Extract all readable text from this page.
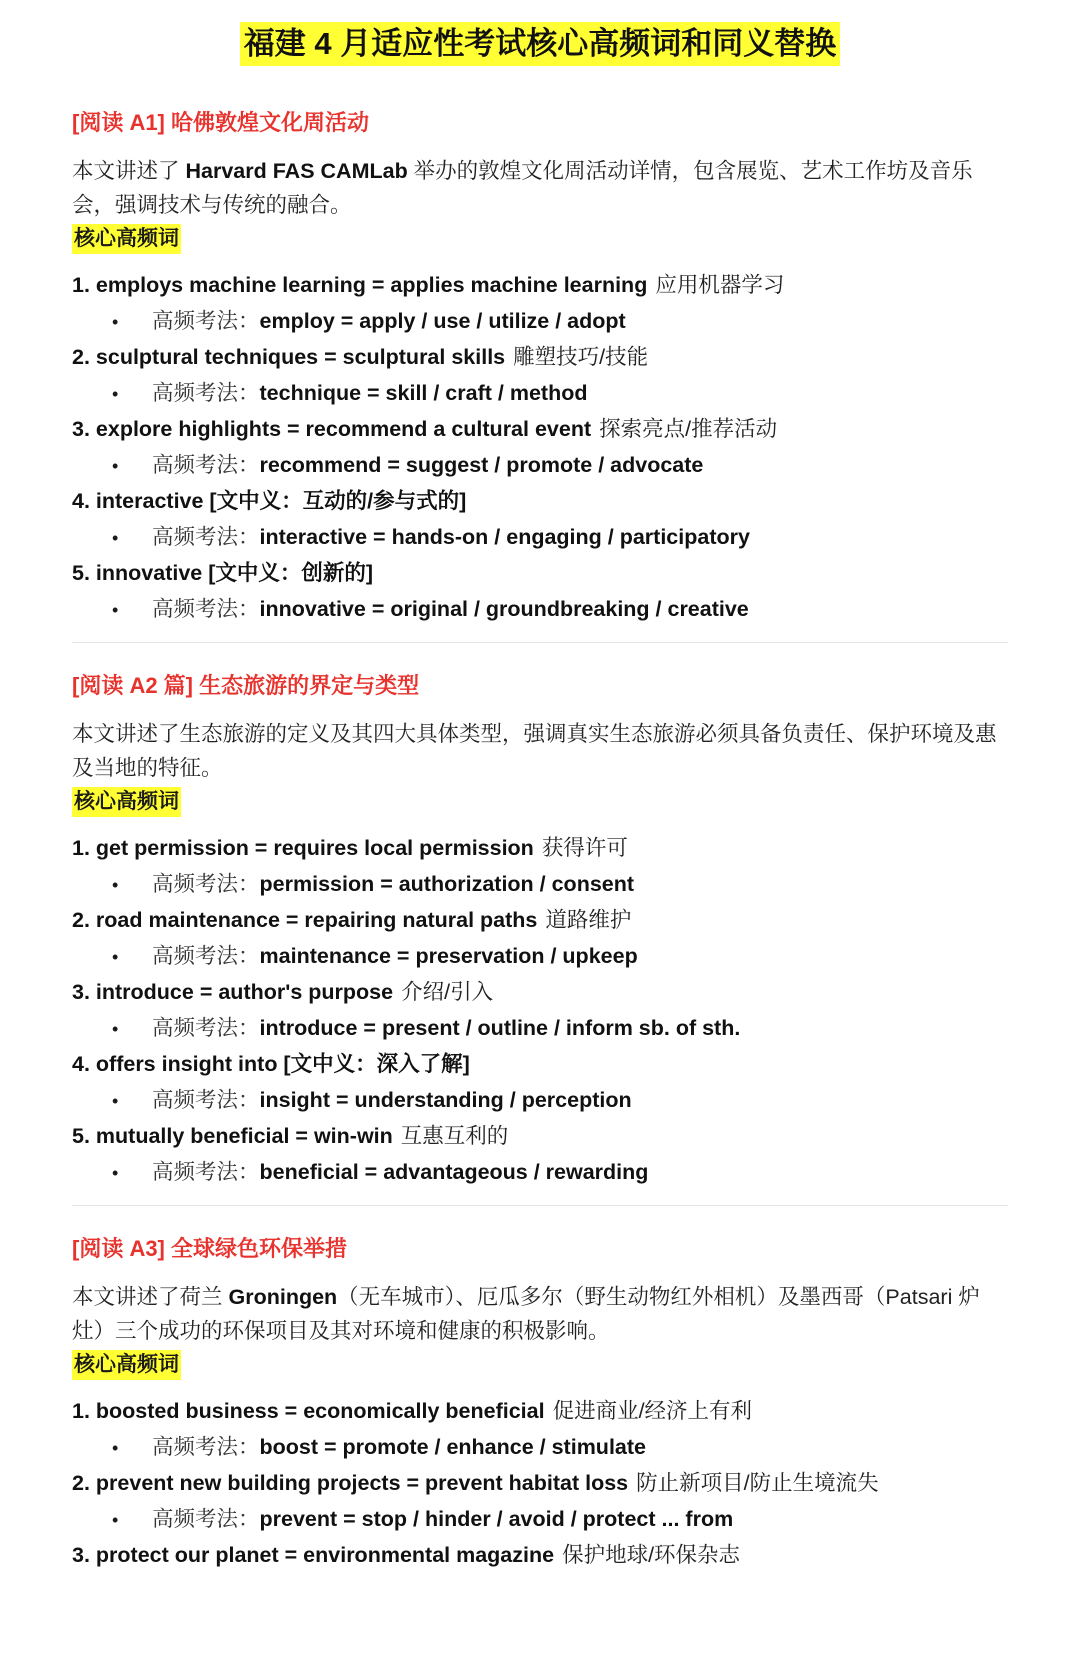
福建 4 月适应性考试核心高频词和同义替换
[阅读 A1] 哈佛敦煌文化周活动
本文讲述了 Harvard FAS CAMLab 举办的敦煌文化周活动详情，包含展览、艺术工作坊及音乐会，强调技术与传统的融合。
核心高频词
1. employs machine learning = applies machine learning 应用机器学习
• 高频考法：employ = apply / use / utilize / adopt
2. sculptural techniques = sculptural skills 雕塑技巧/技能
• 高频考法：technique = skill / craft / method
3. explore highlights = recommend a cultural event 探索亮点/推荐活动
• 高频考法：recommend = suggest / promote / advocate
4. interactive [文中义：互动的/参与式的]
• 高频考法：interactive = hands-on / engaging / participatory
5. innovative [文中义：创新的]
• 高频考法：innovative = original / groundbreaking / creative
[阅读 A2 篇] 生态旅游的界定与类型
本文讲述了生态旅游的定义及其四大具体类型，强调真实生态旅游必须具备负责任、保护环境及惠及当地的特征。
核心高频词
1. get permission = requires local permission 获得许可
• 高频考法：permission = authorization / consent
2. road maintenance = repairing natural paths 道路维护
• 高频考法：maintenance = preservation / upkeep
3. introduce = author's purpose 介绍/引入
• 高频考法：introduce = present / outline / inform sb. of sth.
4. offers insight into [文中义：深入了解]
• 高频考法：insight = understanding / perception
5. mutually beneficial = win-win 互惠互利的
• 高频考法：beneficial = advantageous / rewarding
[阅读 A3] 全球绿色环保举措
本文讲述了荷兰 Groningen（无车城市）、厄瓜多尔（野生动物红外相机）及墨西哥（Patsari 炉灶）三个成功的环保项目及其对环境和健康的积极影响。
核心高频词
1. boosted business = economically beneficial 促进商业/经济上有利
• 高频考法：boost = promote / enhance / stimulate
2. prevent new building projects = prevent habitat loss 防止新项目/防止生境流失
• 高频考法：prevent = stop / hinder / avoid / protect ... from
3. protect our planet = environmental magazine 保护地球/环保杂志
